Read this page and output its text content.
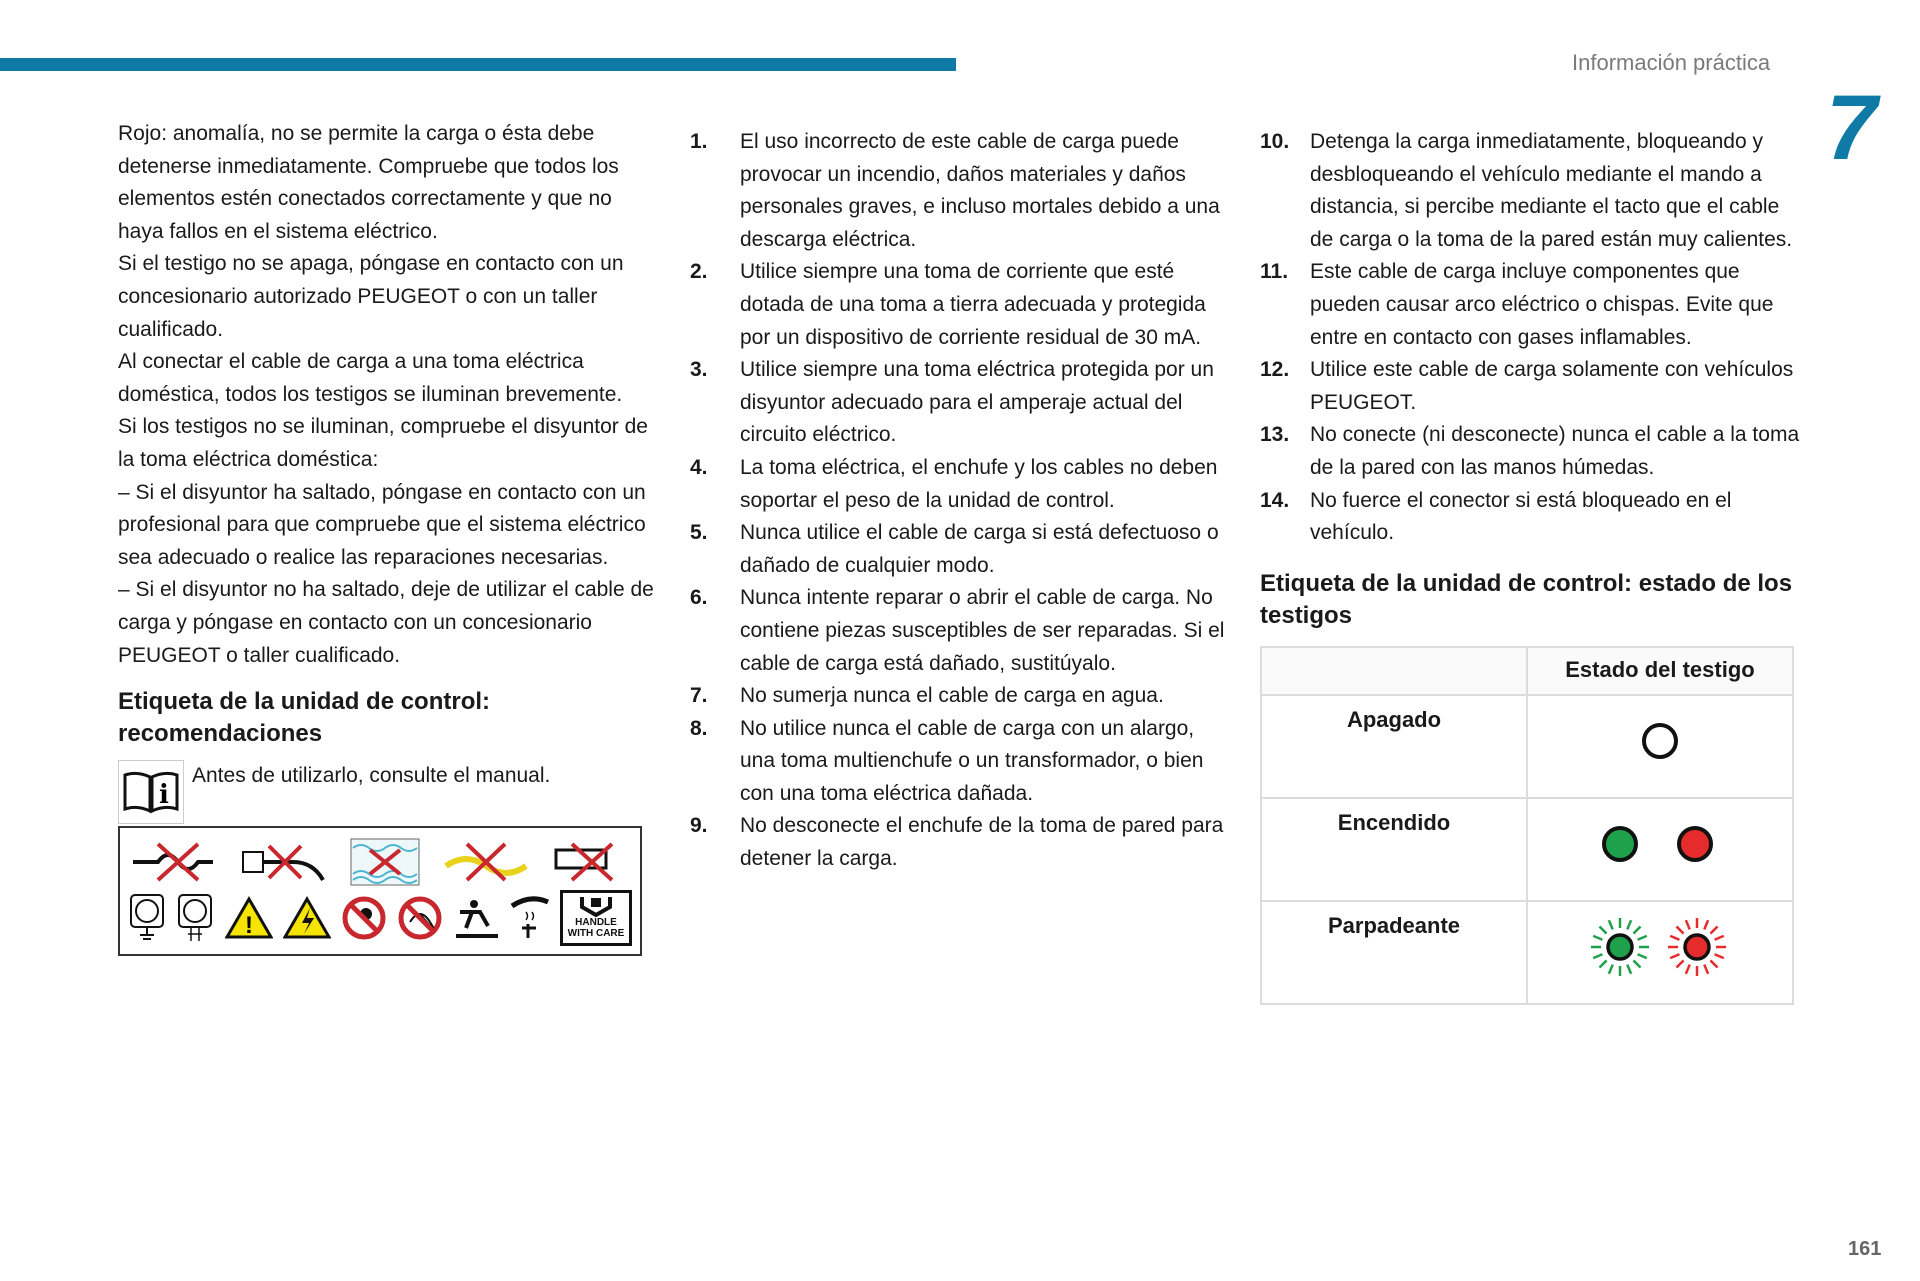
Información práctica
7
161

Rojo: anomalía, no se permite la carga o ésta debe detenerse inmediatamente. Compruebe que todos los elementos estén conectados correctamente y que no haya fallos en el sistema eléctrico.

Si el testigo no se apaga, póngase en contacto con un concesionario autorizado PEUGEOT o con un taller cualificado.

Al conectar el cable de carga a una toma eléctrica doméstica, todos los testigos se iluminan brevemente.

Si los testigos no se iluminan, compruebe el disyuntor de la toma eléctrica doméstica:

– Si el disyuntor ha saltado, póngase en contacto con un profesional para que compruebe que el sistema eléctrico sea adecuado o realice las reparaciones necesarias.

– Si el disyuntor no ha saltado, deje de utilizar el cable de carga y póngase en contacto con un concesionario PEUGEOT o taller cualificado.

Etiqueta de la unidad de control: recomendaciones
i
Antes de utilizarlo, consulte el manual.
!	HANDLE WITH CARE
1.	El uso incorrecto de este cable de carga puede provocar un incendio, daños materiales y daños personales graves, e incluso mortales debido a una descarga eléctrica.
2.	Utilice siempre una toma de corriente que esté dotada de una toma a tierra adecuada y protegida por un dispositivo de corriente residual de 30 mA.
3.	Utilice siempre una toma eléctrica protegida por un disyuntor adecuado para el amperaje actual del circuito eléctrico.
4.	La toma eléctrica, el enchufe y los cables no deben soportar el peso de la unidad de control.
5.	Nunca utilice el cable de carga si está defectuoso o dañado de cualquier modo.
6.	Nunca intente reparar o abrir el cable de carga. No contiene piezas susceptibles de ser reparadas. Si el cable de carga está dañado, sustitúyalo.
7.	No sumerja nunca el cable de carga en agua.
8.	No utilice nunca el cable de carga con un alargo, una toma multienchufe o un transformador, o bien con una toma eléctrica dañada.
9.	No desconecte el enchufe de la toma de pared para detener la carga.
10. Detenga la carga inmediatamente, bloqueando y desbloqueando el vehículo mediante el mando a distancia, si percibe mediante el tacto que el cable de carga o la toma de la pared están muy calientes.
11.	Este cable de carga incluye componentes que pueden causar arco eléctrico o chispas. Evite que entre en contacto con gases inflamables.
12. Utilice este cable de carga solamente con vehículos PEUGEOT.
13. No conecte (ni desconecte) nunca el cable a la toma de la pared con las manos húmedas.
14. No fuerce el conector si está bloqueado en el vehículo.
Etiqueta de la unidad de control: estado de los testigos
	Estado del testigo
Apagado	
Encendido	
Parpadeante	
